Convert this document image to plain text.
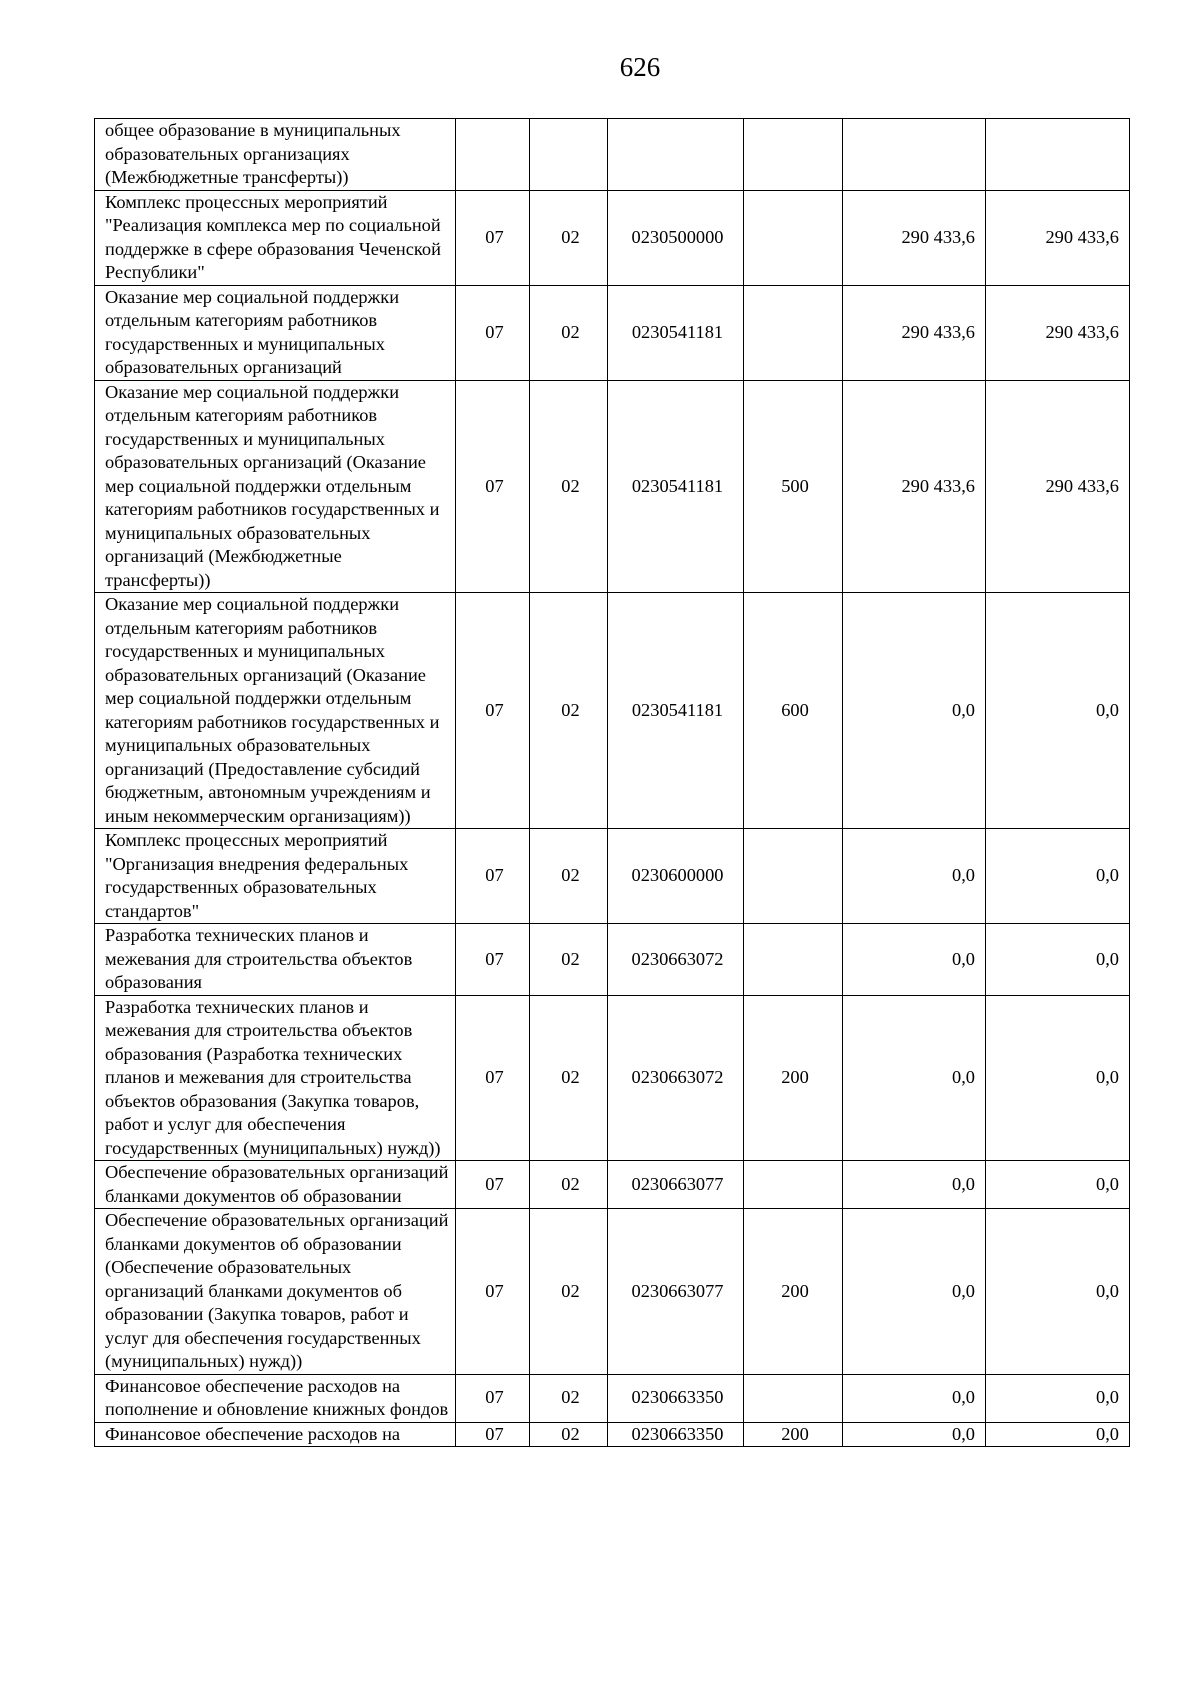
626
общее образование в муниципальных образовательных организациях (Межбюджетные трансферты))						
Комплекс процессных мероприятий "Реализация комплекса мер по социальной поддержке в сфере образования Чеченской Республики"	07	02	0230500000		290 433,6	290 433,6
Оказание мер социальной поддержки отдельным категориям работников государственных и муниципальных образовательных организаций	07	02	0230541181		290 433,6	290 433,6
Оказание мер социальной поддержки отдельным категориям работников государственных и муниципальных образовательных организаций (Оказание мер социальной поддержки отдельным категориям работников государственных и муниципальных образовательных организаций (Межбюджетные трансферты))	07	02	0230541181	500	290 433,6	290 433,6
Оказание мер социальной поддержки отдельным категориям работников государственных и муниципальных образовательных организаций (Оказание мер социальной поддержки отдельным категориям работников государственных и муниципальных образовательных организаций (Предоставление субсидий бюджетным, автономным учреждениям и иным некоммерческим организациям))	07	02	0230541181	600	0,0	0,0
Комплекс процессных мероприятий "Организация внедрения федеральных государственных образовательных стандартов"	07	02	0230600000		0,0	0,0
Разработка технических планов и межевания для строительства объектов образования	07	02	0230663072		0,0	0,0
Разработка технических планов и межевания для строительства объектов образования (Разработка технических планов и межевания для строительства объектов образования (Закупка товаров, работ и услуг для обеспечения государственных (муниципальных) нужд))	07	02	0230663072	200	0,0	0,0
Обеспечение образовательных организаций бланками документов об образовании	07	02	0230663077		0,0	0,0
Обеспечение образовательных организаций бланками документов об образовании (Обеспечение образовательных организаций бланками документов об образовании (Закупка товаров, работ и услуг для обеспечения государственных (муниципальных) нужд))	07	02	0230663077	200	0,0	0,0
Финансовое обеспечение расходов на пополнение и обновление книжных фондов	07	02	0230663350		0,0	0,0
Финансовое обеспечение расходов на	07	02	0230663350	200	0,0	0,0
